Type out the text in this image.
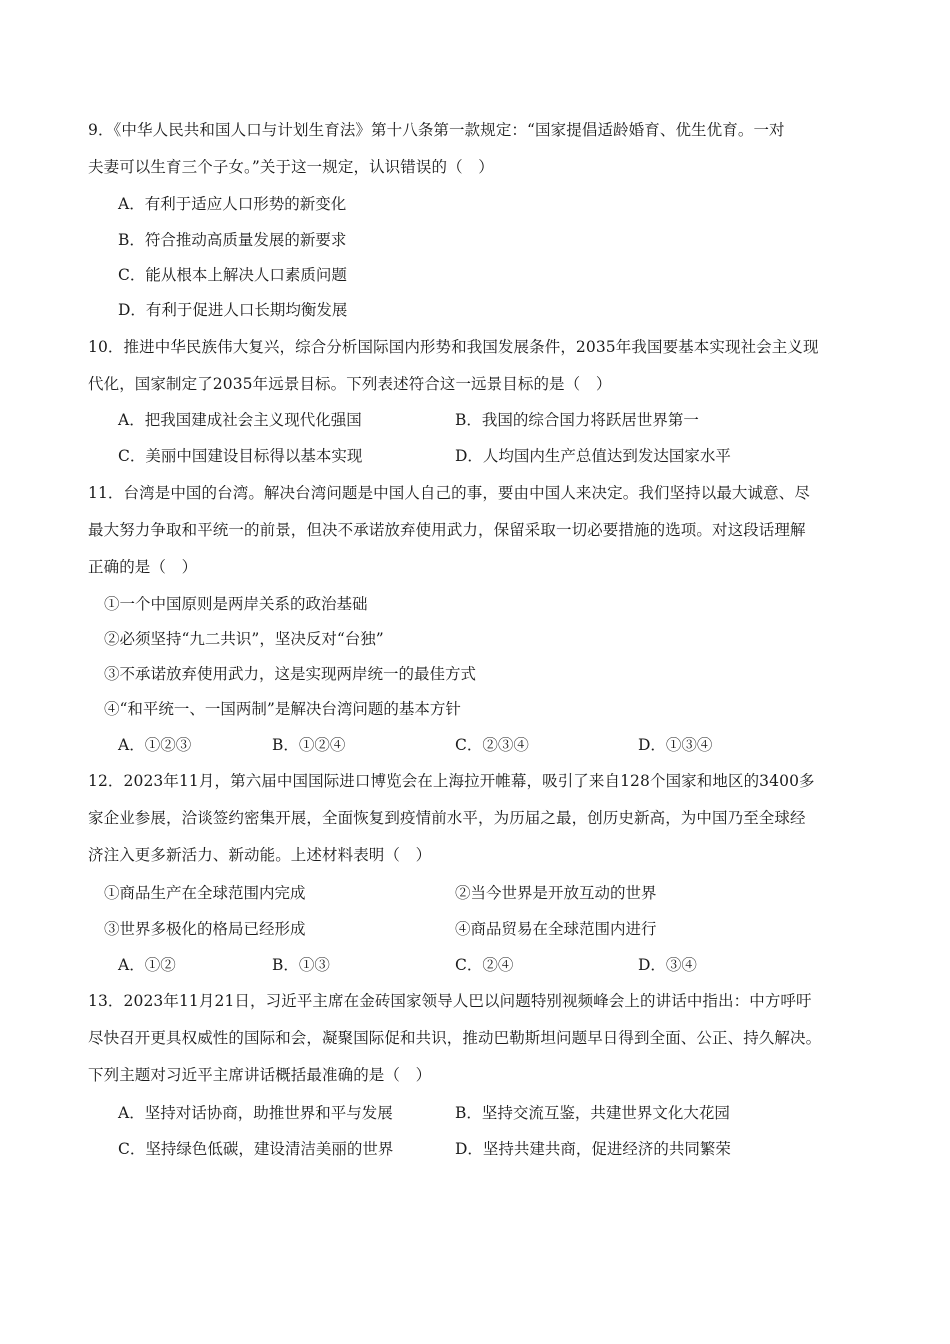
9．《中华人民共和国人口与计划生育法》第十八条第一款规定：“国家提倡适龄婚育、优生优育。一对
夫妻可以生育三个子女。”关于这一规定，认识错误的（　）
A．有利于适应人口形势的新变化
B．符合推动高质量发展的新要求
C．能从根本上解决人口素质问题
D．有利于促进人口长期均衡发展
10．推进中华民族伟大复兴，综合分析国际国内形势和我国发展条件，2035年我国要基本实现社会主义现
代化，国家制定了2035年远景目标。下列表述符合这一远景目标的是（　）
A．把我国建成社会主义现代化强国	B．我国的综合国力将跃居世界第一
C．美丽中国建设目标得以基本实现	D．人均国内生产总值达到发达国家水平
11．台湾是中国的台湾。解决台湾问题是中国人自己的事，要由中国人来决定。我们坚持以最大诚意、尽
最大努力争取和平统一的前景，但决不承诺放弃使用武力，保留采取一切必要措施的选项。对这段话理解
正确的是（　）
①一个中国原则是两岸关系的政治基础
②必须坚持“九二共识”，坚决反对“台独”
③不承诺放弃使用武力，这是实现两岸统一的最佳方式
④“和平统一、一国两制”是解决台湾问题的基本方针
A．①②③	B．①②④	C．②③④	D．①③④
12．2023年11月，第六届中国国际进口博览会在上海拉开帷幕，吸引了来自128个国家和地区的3400多
家企业参展，洽谈签约密集开展，全面恢复到疫情前水平，为历届之最，创历史新高，为中国乃至全球经
济注入更多新活力、新动能。上述材料表明（　）
①商品生产在全球范围内完成	②当今世界是开放互动的世界
③世界多极化的格局已经形成	④商品贸易在全球范围内进行
A．①②	B．①③	C．②④	D．③④
13．2023年11月21日，习近平主席在金砖国家领导人巴以问题特别视频峰会上的讲话中指出：中方呼吁
尽快召开更具权威性的国际和会，凝聚国际促和共识，推动巴勒斯坦问题早日得到全面、公正、持久解决。
下列主题对习近平主席讲话概括最准确的是（　）
A．坚持对话协商，助推世界和平与发展	B．坚持交流互鉴，共建世界文化大花园
C．坚持绿色低碳，建设清洁美丽的世界	D．坚持共建共商，促进经济的共同繁荣
